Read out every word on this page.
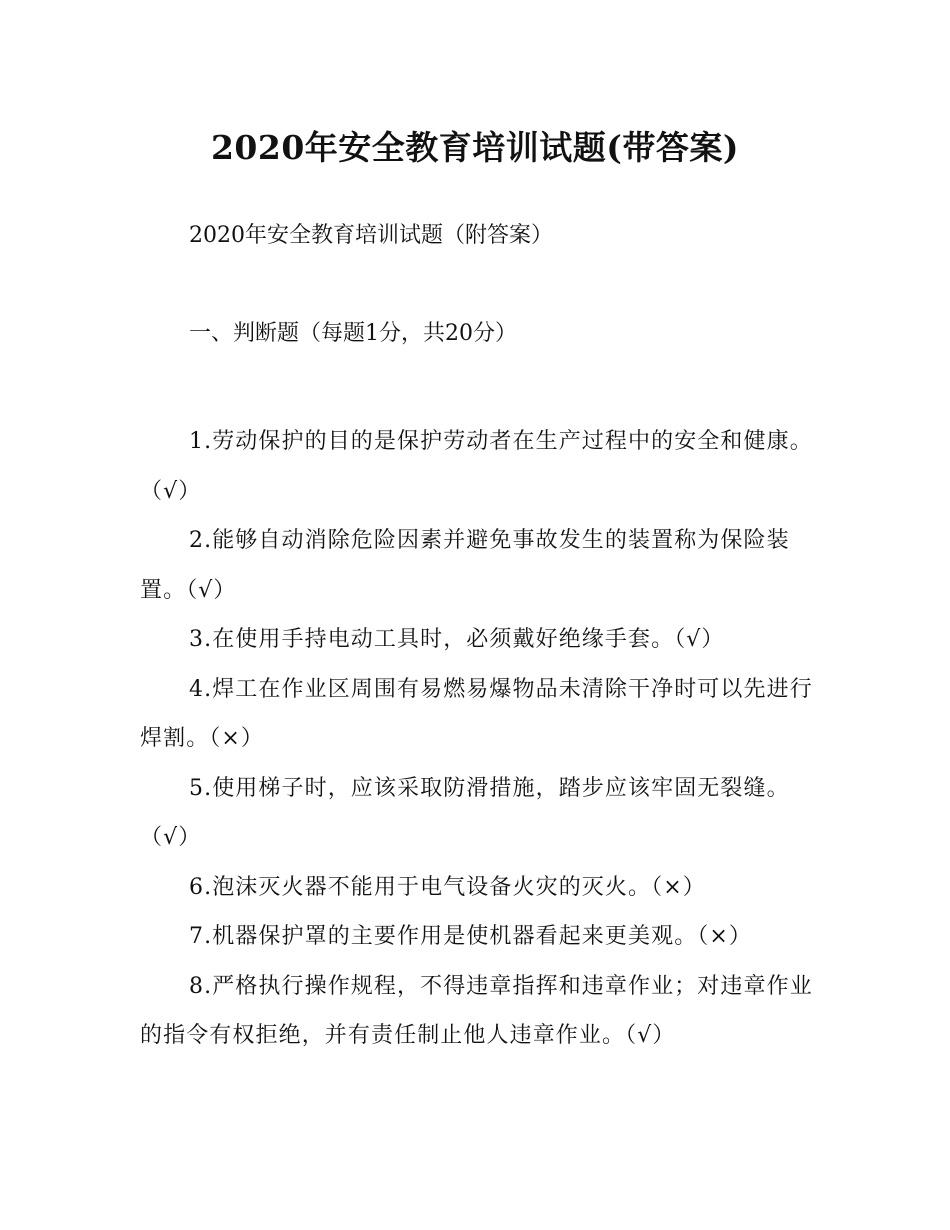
2020年安全教育培训试题(带答案)
2020年安全教育培训试题（附答案）
一、判断题（每题1分，共20分）
1.劳动保护的目的是保护劳动者在生产过程中的安全和健康。（√）
2.能够自动消除危险因素并避免事故发生的装置称为保险装置。（√）
3.在使用手持电动工具时，必须戴好绝缘手套。（√）
4.焊工在作业区周围有易燃易爆物品未清除干净时可以先进行焊割。（×）
5.使用梯子时，应该采取防滑措施，踏步应该牢固无裂缝。（√）
6.泡沫灭火器不能用于电气设备火灾的灭火。（×）
7.机器保护罩的主要作用是使机器看起来更美观。（×）
8.严格执行操作规程，不得违章指挥和违章作业；对违章作业的指令有权拒绝，并有责任制止他人违章作业。（√）
